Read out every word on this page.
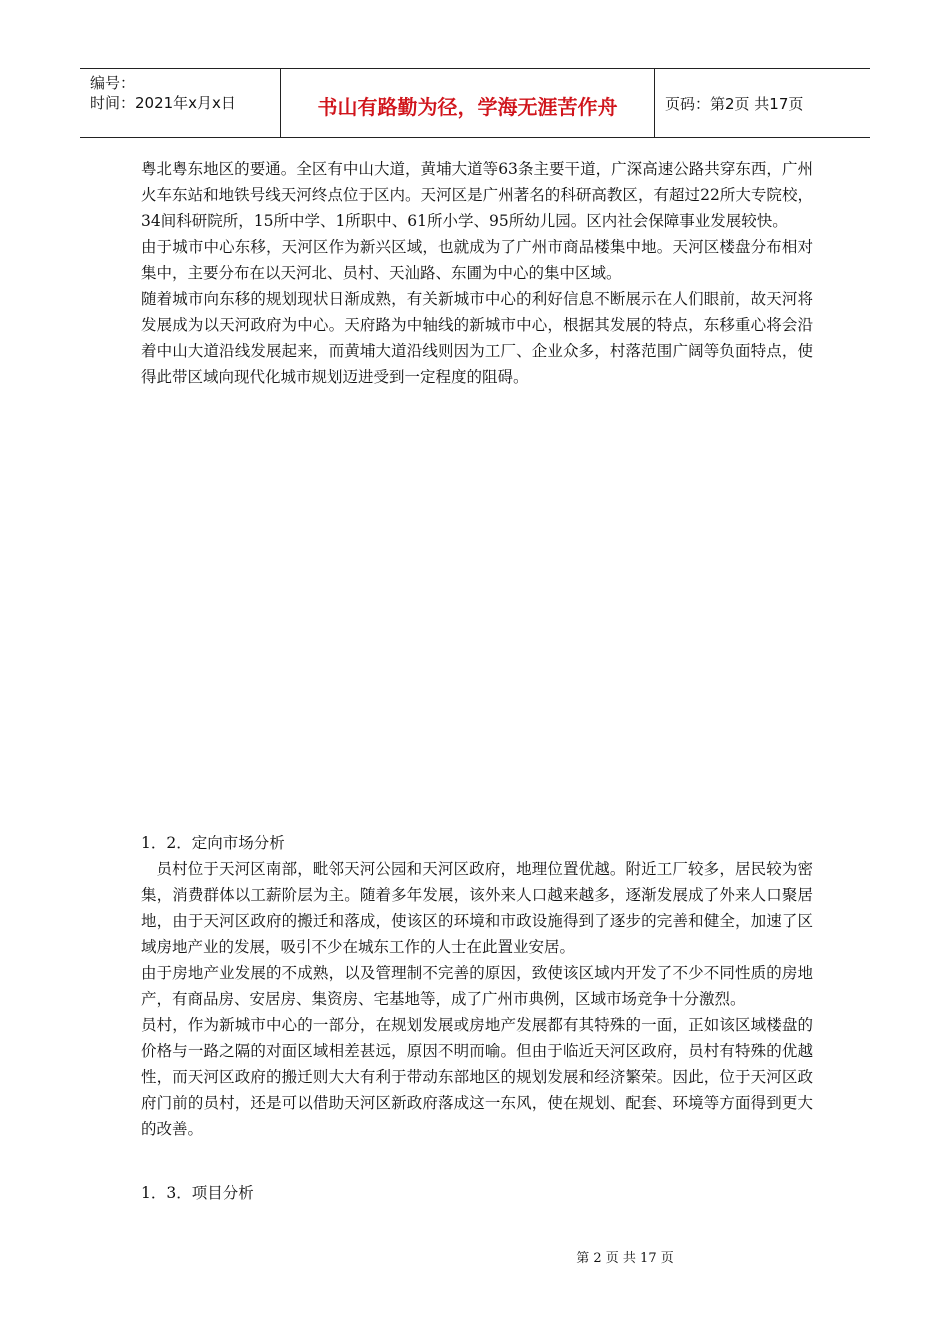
编号：
时间：2021年x月x日	书山有路勤为径，学海无涯苦作舟	页码：第2页 共17页

粤北粤东地区的要通。全区有中山大道，黄埔大道等63条主要干道，广深高速公路共穿东西，广州火车东站和地铁号线天河终点位于区内。天河区是广州著名的科研高教区，有超过22所大专院校，34间科研院所，15所中学、1所职中、61所小学、95所幼儿园。区内社会保障事业发展较快。

由于城市中心东移，天河区作为新兴区域，也就成为了广州市商品楼集中地。天河区楼盘分布相对集中，主要分布在以天河北、员村、天汕路、东圃为中心的集中区域。

随着城市向东移的规划现状日渐成熟，有关新城市中心的利好信息不断展示在人们眼前，故天河将发展成为以天河政府为中心。天府路为中轴线的新城市中心，根据其发展的特点，东移重心将会沿着中山大道沿线发展起来，而黄埔大道沿线则因为工厂、企业众多，村落范围广阔等负面特点，使得此带区域向现代化城市规划迈进受到一定程度的阻碍。

1．2．定向市场分析

员村位于天河区南部，毗邻天河公园和天河区政府，地理位置优越。附近工厂较多，居民较为密集，消费群体以工薪阶层为主。随着多年发展，该外来人口越来越多，逐渐发展成了外来人口聚居地，由于天河区政府的搬迁和落成，使该区的环境和市政设施得到了逐步的完善和健全，加速了区域房地产业的发展，吸引不少在城东工作的人士在此置业安居。

由于房地产业发展的不成熟，以及管理制不完善的原因，致使该区域内开发了不少不同性质的房地产，有商品房、安居房、集资房、宅基地等，成了广州市典例，区域市场竞争十分激烈。

员村，作为新城市中心的一部分，在规划发展或房地产发展都有其特殊的一面，正如该区域楼盘的价格与一路之隔的对面区域相差甚远，原因不明而喻。但由于临近天河区政府，员村有特殊的优越性，而天河区政府的搬迁则大大有利于带动东部地区的规划发展和经济繁荣。因此，位于天河区政府门前的员村，还是可以借助天河区新政府落成这一东风，使在规划、配套、环境等方面得到更大的改善。

1．3．项目分析

第 2 页 共 17 页
